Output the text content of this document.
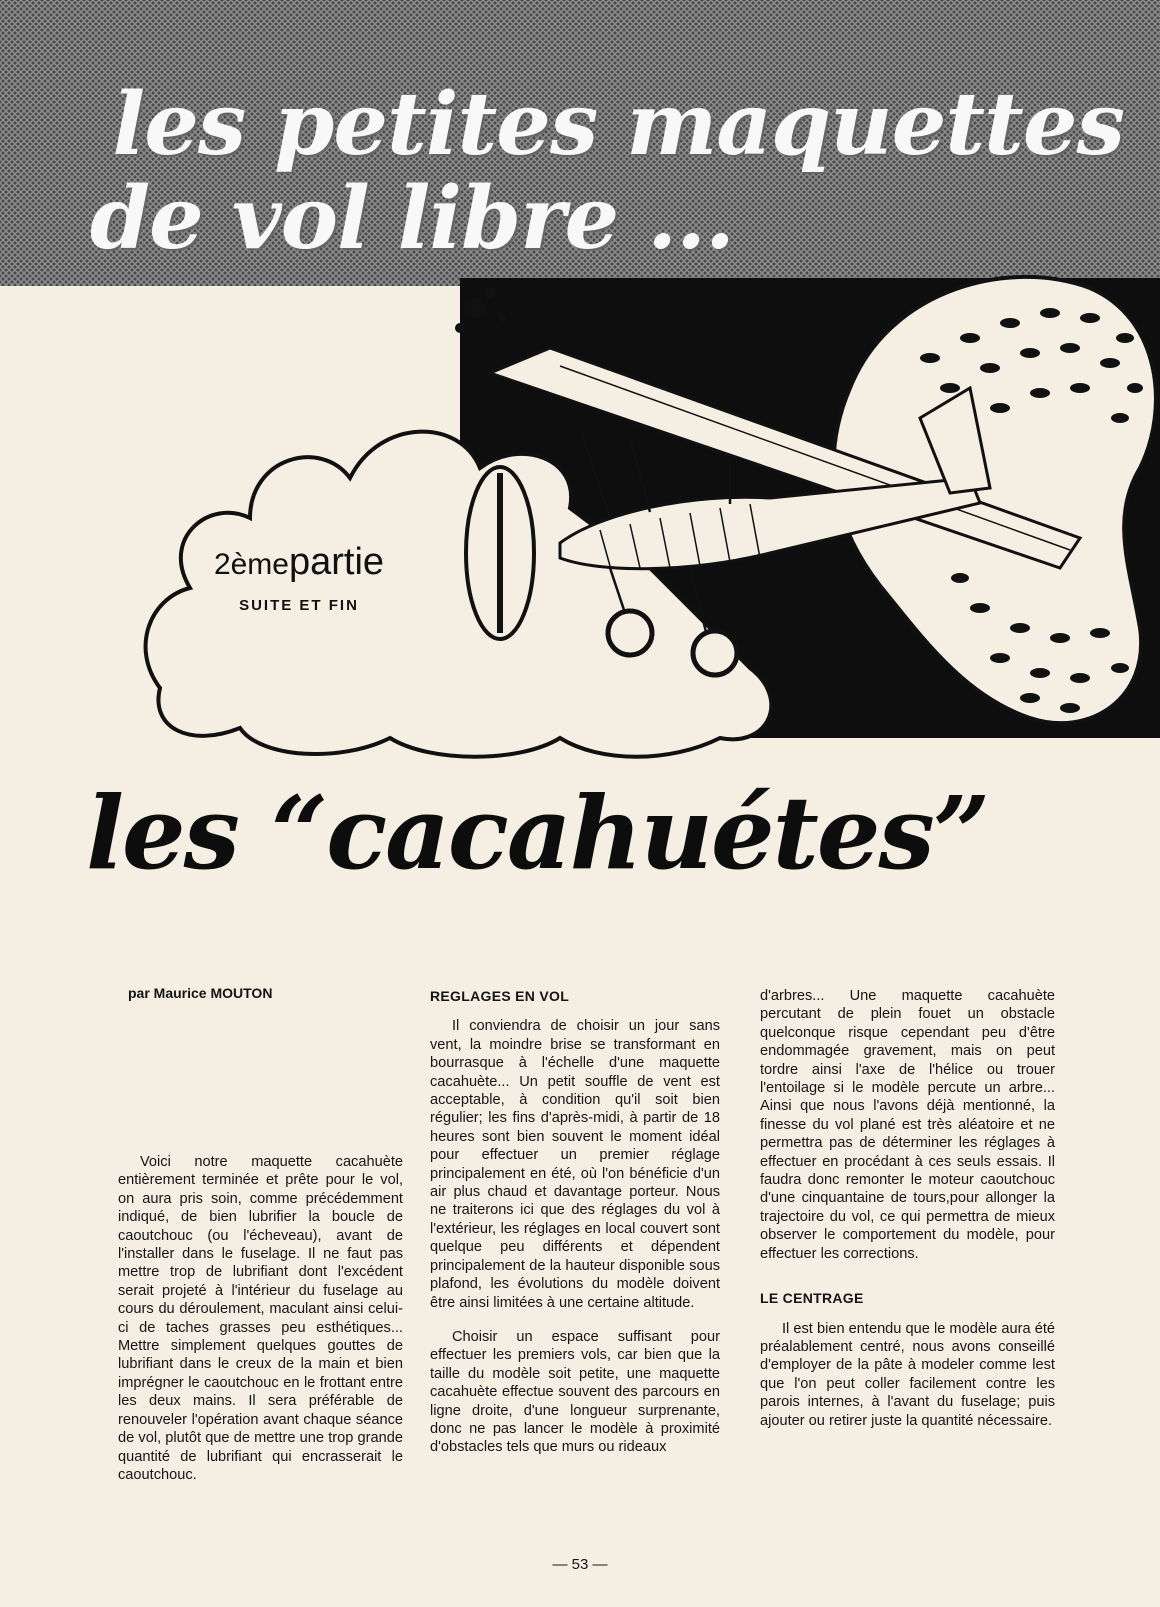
les petites maquettes
de vol libre ...
2èmepartie
SUITE ET FIN
les “cacahuétes”
par Maurice MOUTON

Voici notre maquette cacahuète entièrement terminée et prête pour le vol, on aura pris soin, comme précédemment indiqué, de bien lubrifier la boucle de caoutchouc (ou l'écheveau), avant de l'installer dans le fuselage. Il ne faut pas mettre trop de lubrifiant dont l'excédent serait projeté à l'intérieur du fuselage au cours du déroulement, maculant ainsi celui-ci de taches grasses peu esthétiques... Mettre simplement quelques gouttes de lubrifiant dans le creux de la main et bien imprégner le caoutchouc en le frottant entre les deux mains. Il sera préférable de renouveler l'opération avant chaque séance de vol, plutôt que de mettre une trop grande quantité de lubrifiant qui encrasserait le caoutchouc.

REGLAGES EN VOL

Il conviendra de choisir un jour sans vent, la moindre brise se transformant en bourrasque à l'échelle d'une maquette cacahuète... Un petit souffle de vent est acceptable, à condition qu'il soit bien régulier; les fins d'après-midi, à partir de 18 heures sont bien souvent le moment idéal pour effectuer un premier réglage principalement en été, où l'on bénéficie d'un air plus chaud et davantage porteur. Nous ne traiterons ici que des réglages du vol à l'extérieur, les réglages en local couvert sont quelque peu différents et dépendent principalement de la hauteur disponible sous plafond, les évolutions du modèle doivent être ainsi limitées à une certaine altitude.

Choisir un espace suffisant pour effectuer les premiers vols, car bien que la taille du modèle soit petite, une maquette cacahuète effectue souvent des parcours en ligne droite, d'une longueur surprenante, donc ne pas lancer le modèle à proximité d'obstacles tels que murs ou rideaux

d'arbres... Une maquette cacahuète percutant de plein fouet un obstacle quelconque risque cependant peu d'être endommagée gravement, mais on peut tordre ainsi l'axe de l'hélice ou trouer l'entoilage si le modèle percute un arbre... Ainsi que nous l'avons déjà mentionné, la finesse du vol plané est très aléatoire et ne permettra pas de déterminer les réglages à effectuer en procédant à ces seuls essais. Il faudra donc remonter le moteur caoutchouc d'une cinquantaine de tours,pour allonger la trajectoire du vol, ce qui permettra de mieux observer le comportement du modèle, pour effectuer les corrections.

LE CENTRAGE

Il est bien entendu que le modèle aura été préalablement centré, nous avons conseillé d'employer de la pâte à modeler comme lest que l'on peut coller facilement contre les parois internes, à l'avant du fuselage; puis ajouter ou retirer juste la quantité nécessaire.

— 53 —
